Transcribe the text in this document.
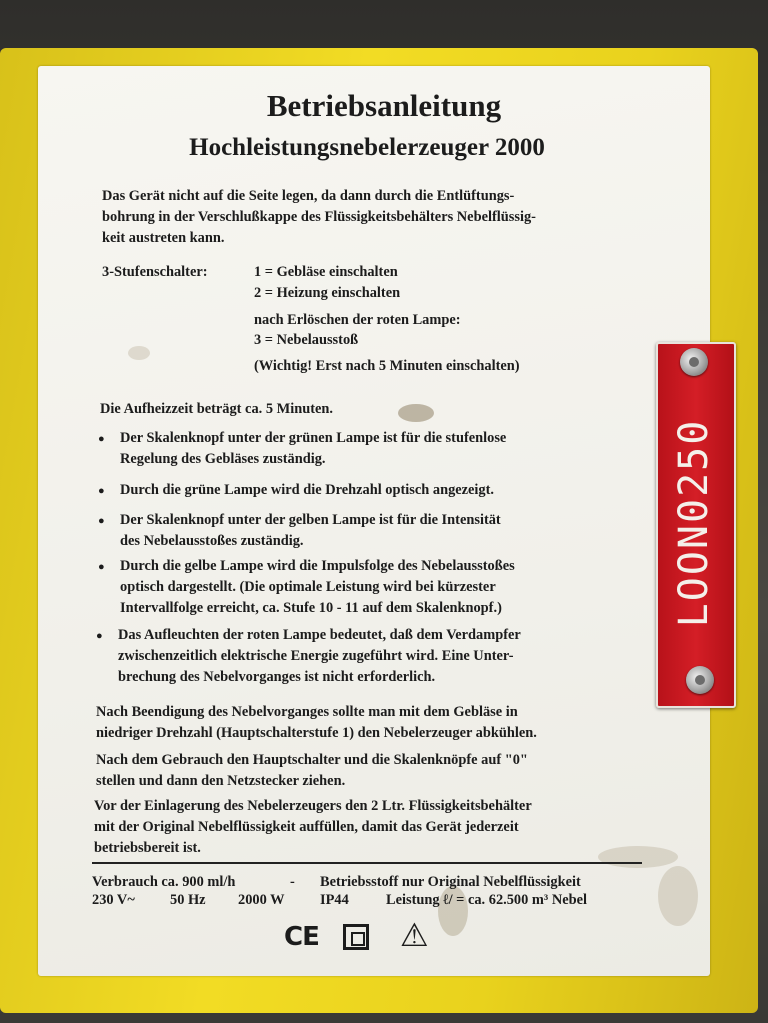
Betriebsanleitung
Hochleistungsnebelerzeuger 2000
Das Gerät nicht auf die Seite legen, da dann durch die Entlüftungs-
bohrung in der Verschlußkappe des Flüssigkeitsbehälters Nebelflüssig-
keit austreten kann.
3-Stufenschalter:	1 = Gebläse einschalten
2 = Heizung einschalten
nach Erlöschen der roten Lampe:
3 = Nebelausstoß
(Wichtig! Erst nach 5 Minuten einschalten)
Die Aufheizzeit beträgt ca. 5 Minuten.
● Der Skalenknopf unter der grünen Lampe ist für die stufenlose
Regelung des Gebläses zuständig.
● Durch die grüne Lampe wird die Drehzahl optisch angezeigt.
● Der Skalenknopf unter der gelben Lampe ist für die Intensität
des Nebelausstoßes zuständig.
● Durch die gelbe Lampe wird die Impulsfolge des Nebelausstoßes
optisch dargestellt. (Die optimale Leistung wird bei kürzester
Intervallfolge erreicht, ca. Stufe 10 - 11 auf dem Skalenknopf.)
● Das Aufleuchten der roten Lampe bedeutet, daß dem Verdampfer
zwischenzeitlich elektrische Energie zugeführt wird. Eine Unter-
brechung des Nebelvorganges ist nicht erforderlich.
Nach Beendigung des Nebelvorganges sollte man mit dem Gebläse in
niedriger Drehzahl (Hauptschalterstufe 1) den Nebelerzeuger abkühlen.
Nach dem Gebrauch den Hauptschalter und die Skalenknöpfe auf "0"
stellen und dann den Netzstecker ziehen.
Vor der Einlagerung des Nebelerzeugers den 2 Ltr. Flüssigkeitsbehälter
mit der Original Nebelflüssigkeit auffüllen, damit das Gerät jederzeit
betriebsbereit ist.
Verbrauch ca. 900 ml/h	- Betriebsstoff nur Original Nebelflüssigkeit
230 V~ 50 Hz 2000 W IP44	Leistung ℓ/ = ca. 62.500 m³ Nebel
CE	⚠
LOON0250
